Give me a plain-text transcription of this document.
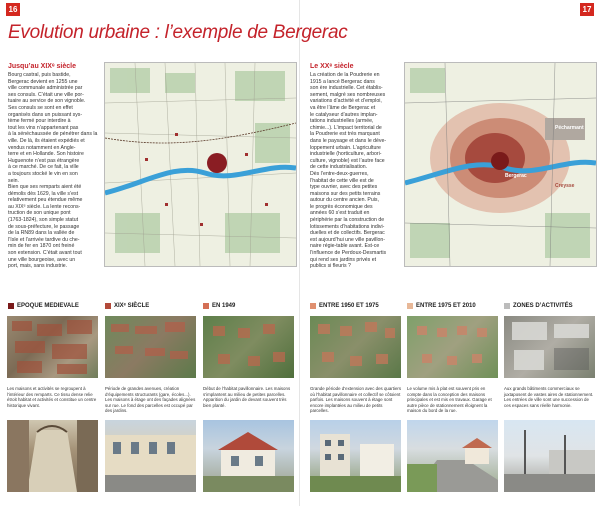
16	17
Evolution urbaine : l’exemple de Bergerac
Jusqu’au XIXᵉ siècle
Bourg castral, puis bastide,
Bergerac devient en 1255 une
ville communale administrée par
ses consuls. C’était une ville por-
tuaire au service de son vignoble.
Ses consuls se sont en effet
organisés dans un puissant sys-
tème fermé pour interdire à
tout les vins n’appartenant pas
à la sénéchaussée de pénétrer dans la
ville. De là, ils étaient expédiés et
vendus notamment en Angle-
terre et en Hollande. Son histoire
Huguenote n’est pas étrangère
à ce marché. De ce fait, la ville
a toujours stocké le vin en son
sein.
Bien que ses remparts aient été
démolis dès 1629, la ville s’est
relativement peu étendue même
au XIXᵉ siècle. La lente recons-
truction de son unique pont
(1763-1824), son simple statut
de sous-préfecture, le passage
de la RN89 dans la vallée de
l’Isle et l’arrivée tardive du che-
min de fer en 1870 ont freiné
son extension. C’était avant tout
une ville bourgeoise, avec un
port, mais, sans industrie.
Le XXᵉ siècle
La création de la Poudrerie en
1915 a lancé Bergerac dans
son ère industrielle. Cet établis-
sement, malgré ses nombreuses
variations d’activité et d’emploi,
va être l’âme de Bergerac et
le catalyseur d’autres implan-
tations industrielles (armée,
chimie...). L’impact territorial de
la Poudrerie est très marquant
dans le paysage et dans le déve-
loppement urbain. L’agriculture
industrielle (horticulture, arbori-
culture, vignoble) est l’autre face
de cette industrialisation.
Dès l’entre-deux-guerres,
l’habitat de cette ville est de
type ouvrier, avec des petites
maisons sur des petits terrains
autour du centre ancien. Puis,
le progrès économique des
années 60 s’est traduit en
périphérie par la construction de
lotissements d’habitations indivi-
duelles et de collectifs. Bergerac
est aujourd’hui une ville pavillon-
naire régie-table avant. Est-ce
l’influence de Perdoux-Desmartis
qui rend ses jardins privés et
publics si fleuris ?
Pécharmant
Bergerac
Creysse
EPOQUE MEDIEVALE	XIXᵉ SIÈCLE	EN 1949	ENTRE 1950 ET 1975	ENTRE 1975 ET 2010	ZONES D’ACTIVITÉS
Les maisons et activités se regroupent à l’intérieur des remparts. Ce tissu dense relie étroit habitat et activités et constitue un centre historique vivant.
Période de grandes avenues, création d’équipements structurants (gare, écoles...). Les maisons à étage ont des façades alignées sur rue. Le fond des parcelles est occupé par des jardins.
Début de l’habitat pavillonnaire. Les maisons s’implantent au milieu de petites parcelles. Apparition du jardin de devant souvent très bien planté.
Grande période d’extension avec des quartiers où l’habitat pavillonnaire et collectif se côtoient parfois. Les maisons souvent à étage sont encore implantées au milieu de petits parcelles.
Le volume mis à plat est souvent pris en compte dans la conception des maisons principales et est mis en travaux. Garage et autre pièce de stationnement éloignent la maison du bord de la rue.
Aux grands bâtiments commerciaux se juxtaposent de vastes aires de stationnement. Les entrées de ville sont une succession de ces espaces sans réelle harmonie.
